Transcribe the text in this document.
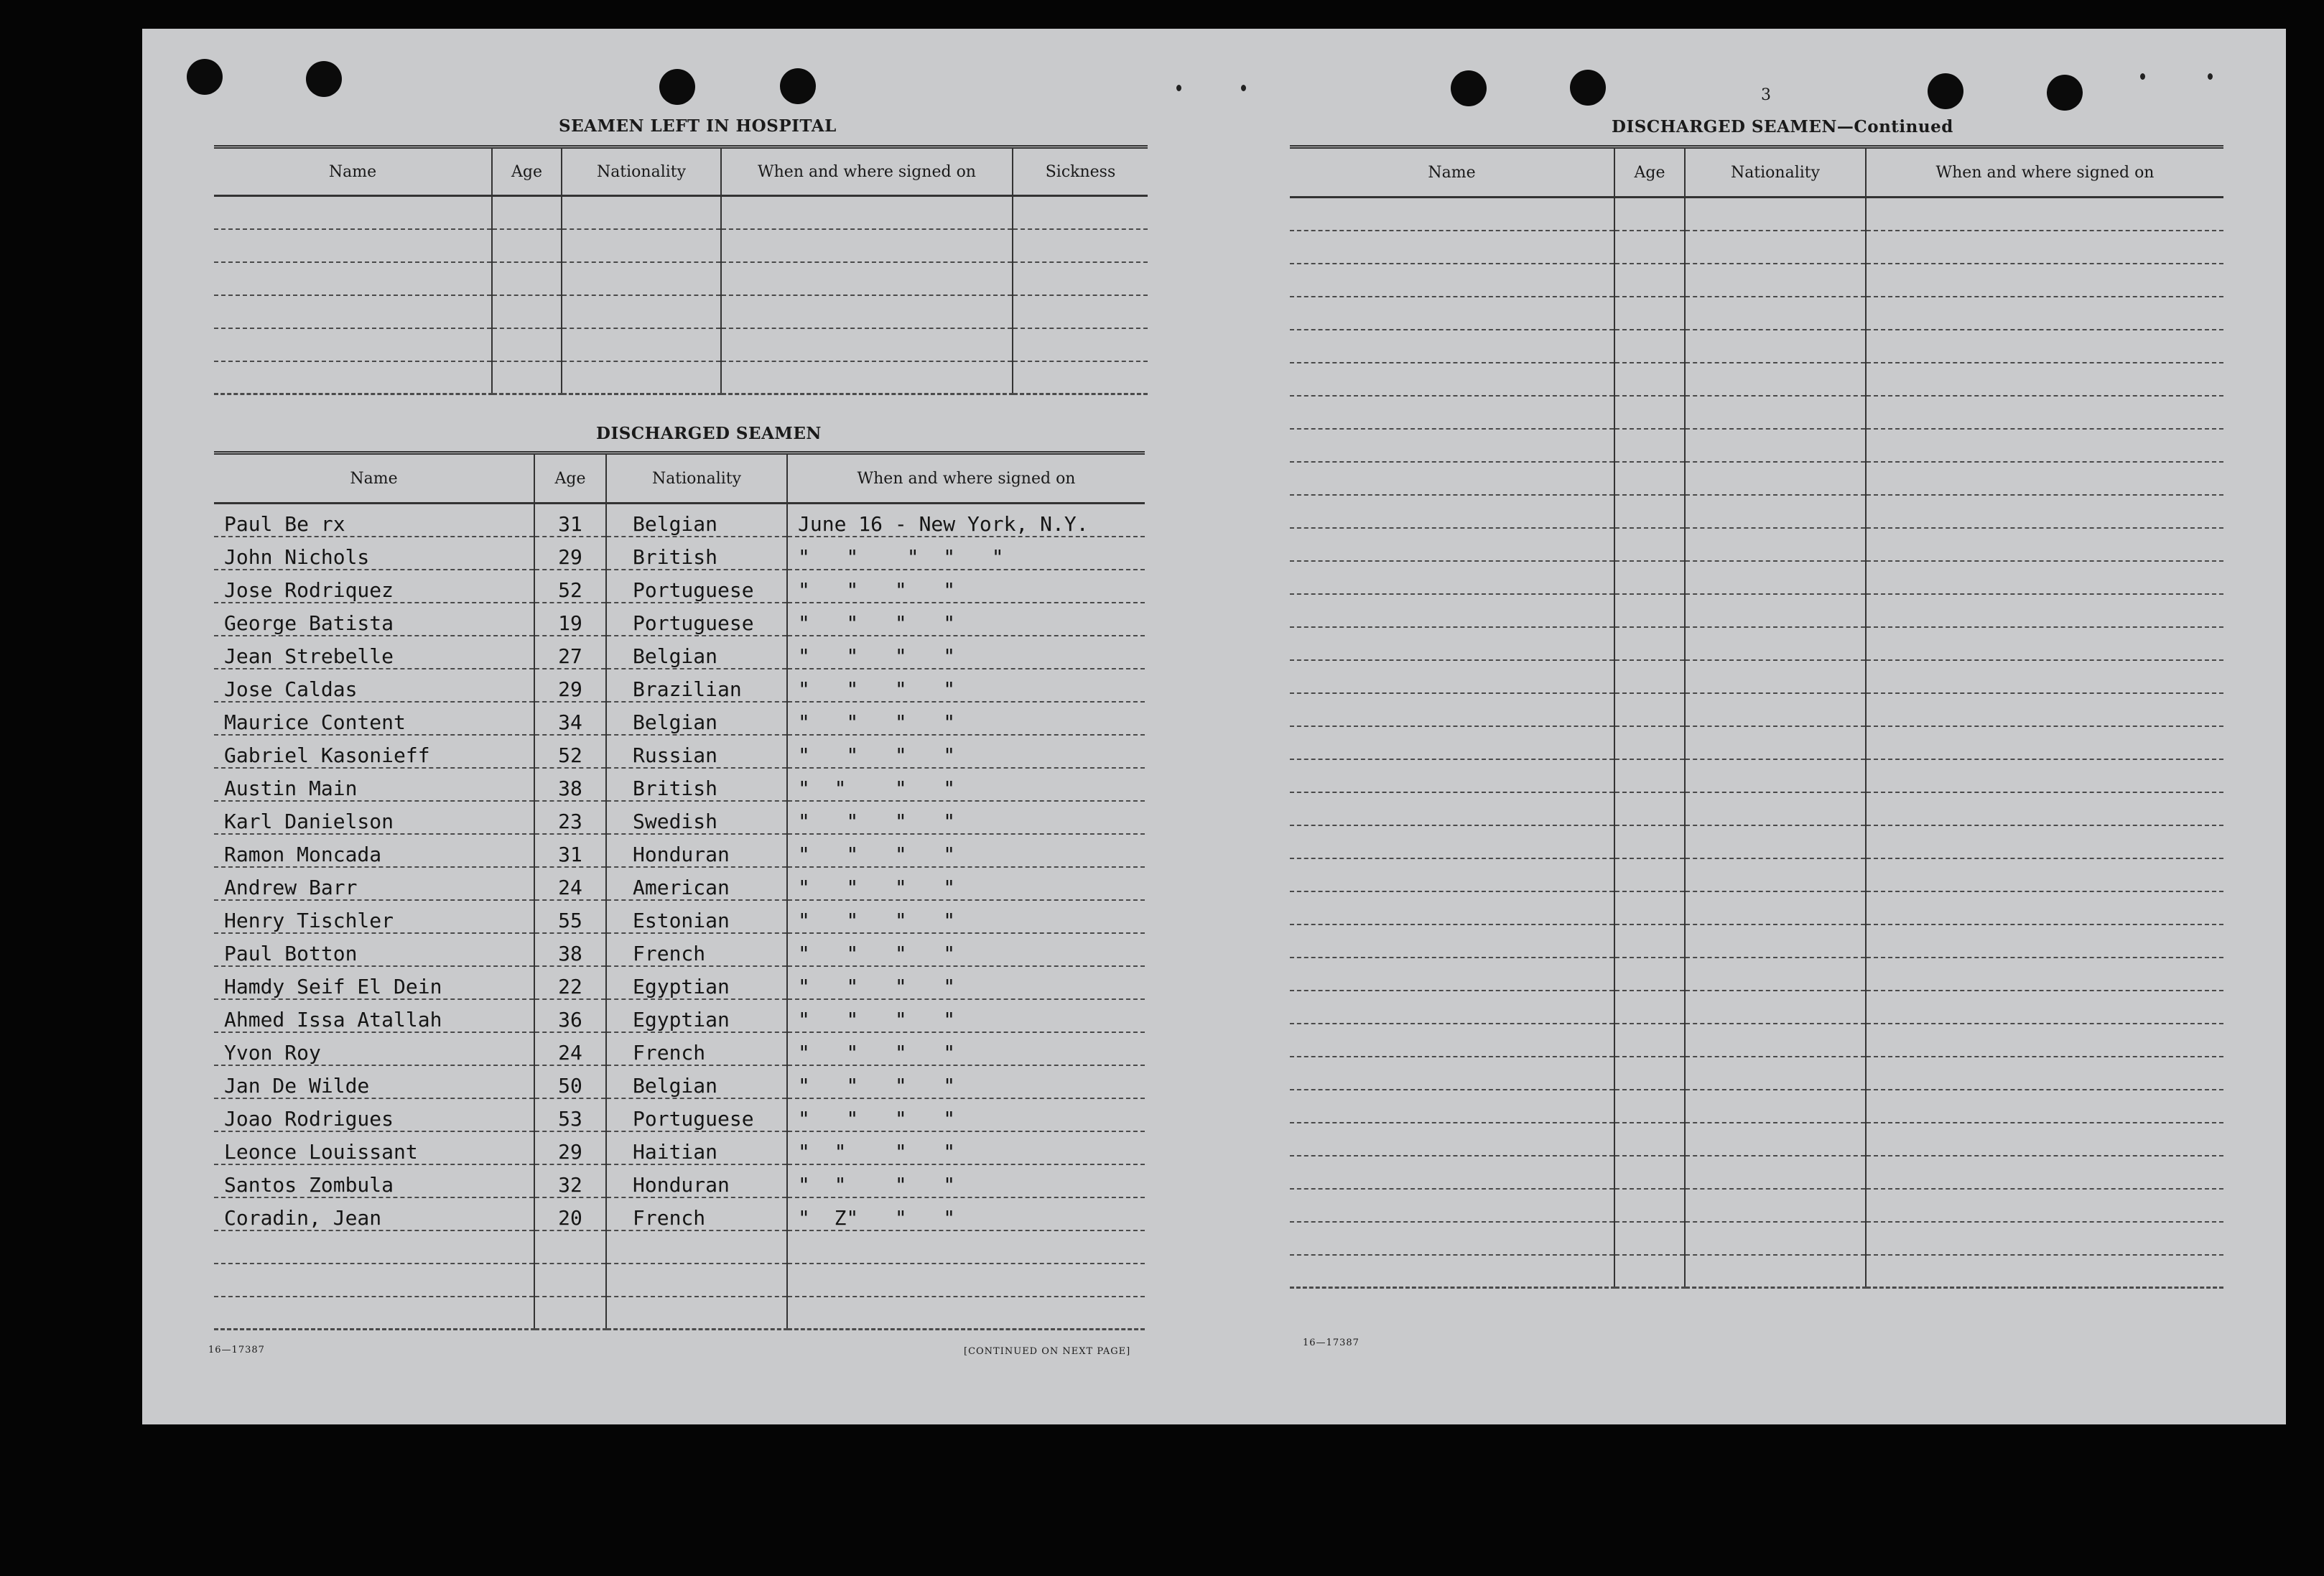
SEAMEN LEFT IN HOSPITAL
Name	Age	Nationality	When and where signed on	Sickness

DISCHARGED SEAMEN
Name	Age	Nationality	When and where signed on
Paul Be rx	31	Belgian	June 16 - New York, N.Y.
John Nichols	29	British	"   "    "  "   "
Jose Rodriquez	52	Portuguese	"   "   "   "
George Batista	19	Portuguese	"   "   "   "
Jean Strebelle	27	Belgian	"   "   "   "
Jose Caldas	29	Brazilian	"   "   "   "
Maurice Content	34	Belgian	"   "   "   "
Gabriel Kasonieff	52	Russian	"   "   "   "
Austin Main	38	British	"  "    "   "
Karl Danielson	23	Swedish	"   "   "   "
Ramon Moncada	31	Honduran	"   "   "   "
Andrew Barr	24	American	"   "   "   "
Henry Tischler	55	Estonian	"   "   "   "
Paul Botton	38	French	"   "   "   "
Hamdy Seif El Dein	22	Egyptian	"   "   "   "
Ahmed Issa Atallah	36	Egyptian	"   "   "   "
Yvon Roy	24	French	"   "   "   "
Jan De Wilde	50	Belgian	"   "   "   "
Joao Rodrigues	53	Portuguese	"   "   "   "
Leonce Louissant	29	Haitian	"  "    "   "
Santos Zombula	32	Honduran	"  "    "   "
Coradin, Jean	20	French	"  Z"   "   "

16—17387	[CONTINUED ON NEXT PAGE]
3
DISCHARGED SEAMEN—Continued
Name	Age	Nationality	When and where signed on

16—17387
